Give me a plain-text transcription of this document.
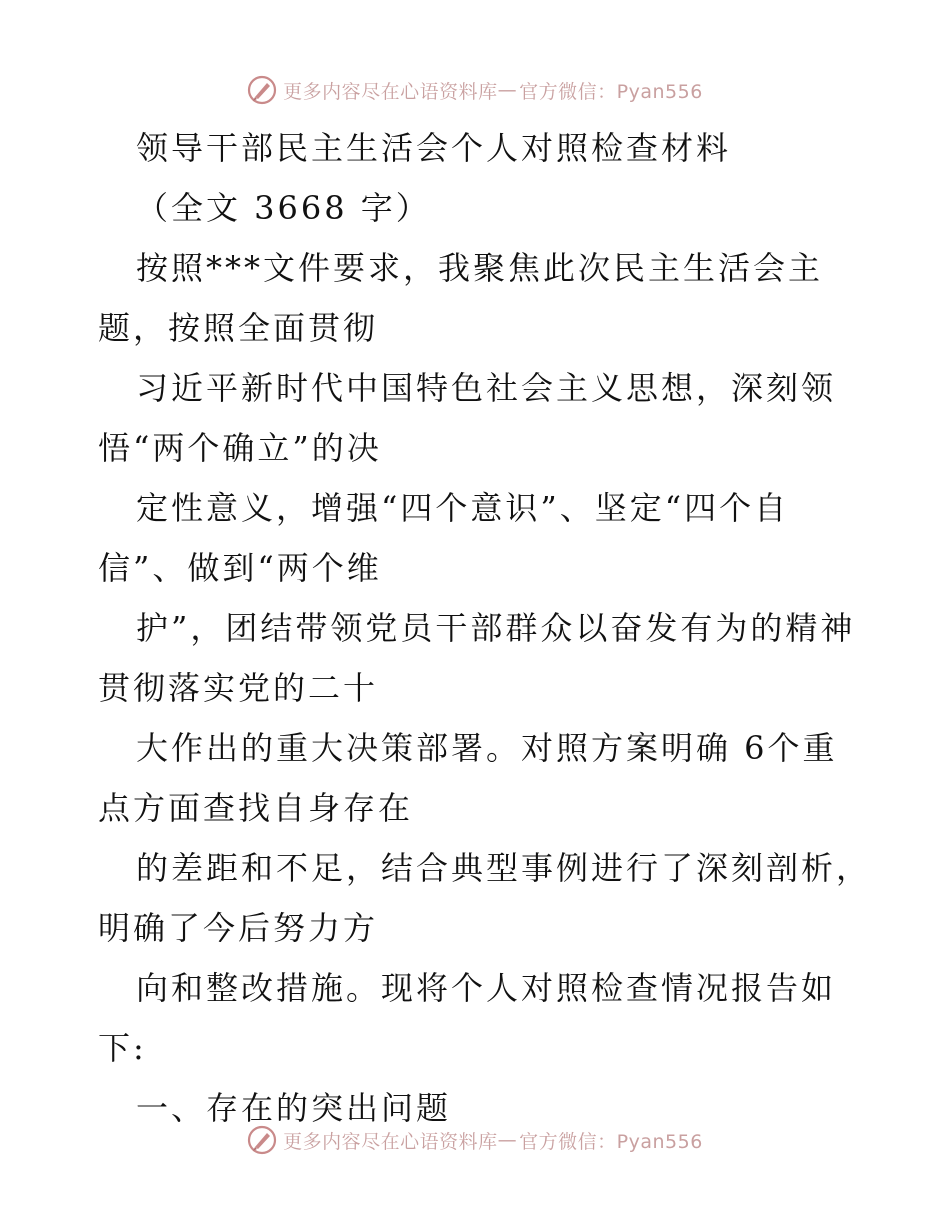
更多内容尽在心语资料库 — 官方微信：Pyan556
领导干部民主生活会个人对照检查材料
（全文 3668 字）
按照***文件要求，我聚焦此次民主生活会主
题，按照全面贯彻
习近平新时代中国特色社会主义思想，深刻领
悟“两个确立”的决
定性意义，增强“四个意识”、坚定“四个自
信”、做到“两个维
护”，团结带领党员干部群众以奋发有为的精神
贯彻落实党的二十
大作出的重大决策部署。对照方案明确 6个重
点方面查找自身存在
的差距和不足，结合典型事例进行了深刻剖析，
明确了今后努力方
向和整改措施。现将个人对照检查情况报告如
下:
一、存在的突出问题
更多内容尽在心语资料库 — 官方微信：Pyan556
